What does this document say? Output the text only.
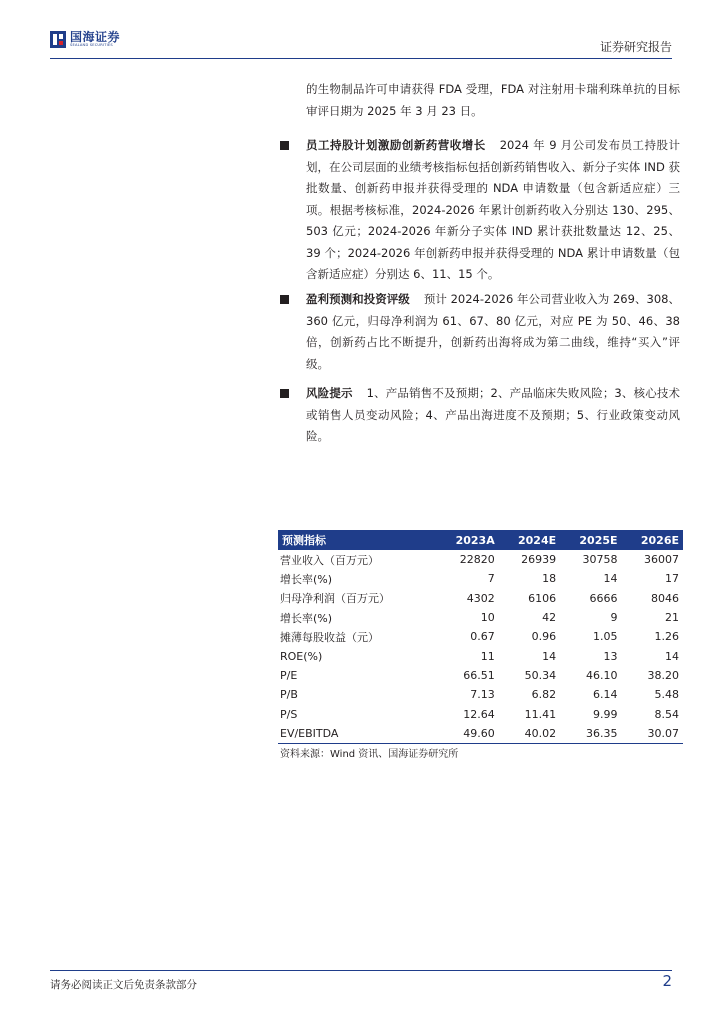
国海证券
SEALAND SECURITIES	证券研究报告
的生物制品许可申请获得 FDA 受理，FDA 对注射用卡瑞利珠单抗的目标审评日期为 2025 年 3 月 23 日。
员工持股计划激励创新药营收增长 2024 年 9 月公司发布员工持股计划，在公司层面的业绩考核指标包括创新药销售收入、新分子实体 IND 获批数量、创新药申报并获得受理的 NDA 申请数量（包含新适应症）三项。根据考核标准，2024-2026 年累计创新药收入分别达 130、295、503 亿元；2024-2026 年新分子实体 IND 累计获批数量达 12、25、39 个；2024-2026 年创新药申报并获得受理的 NDA 累计申请数量（包含新适应症）分别达 6、11、15 个。
盈利预测和投资评级 预计 2024-2026 年公司营业收入为 269、308、360 亿元，归母净利润为 61、67、80 亿元，对应 PE 为 50、46、38 倍，创新药占比不断提升，创新药出海将成为第二曲线，维持“买入”评级。
风险提示 1、产品销售不及预期；2、产品临床失败风险；3、核心技术或销售人员变动风险；4、产品出海进度不及预期；5、行业政策变动风险。
预测指标	2023A	2024E	2025E	2026E
营业收入（百万元）	22820	26939	30758	36007
增长率(%)	7	18	14	17
归母净利润（百万元）	4302	6106	6666	8046
增长率(%)	10	42	9	21
摊薄每股收益（元）	0.67	0.96	1.05	1.26
ROE(%)	11	14	13	14
P/E	66.51	50.34	46.10	38.20
P/B	7.13	6.82	6.14	5.48
P/S	12.64	11.41	9.99	8.54
EV/EBITDA	49.60	40.02	36.35	30.07
资料来源：Wind 资讯、国海证券研究所
请务必阅读正文后免责条款部分	2
